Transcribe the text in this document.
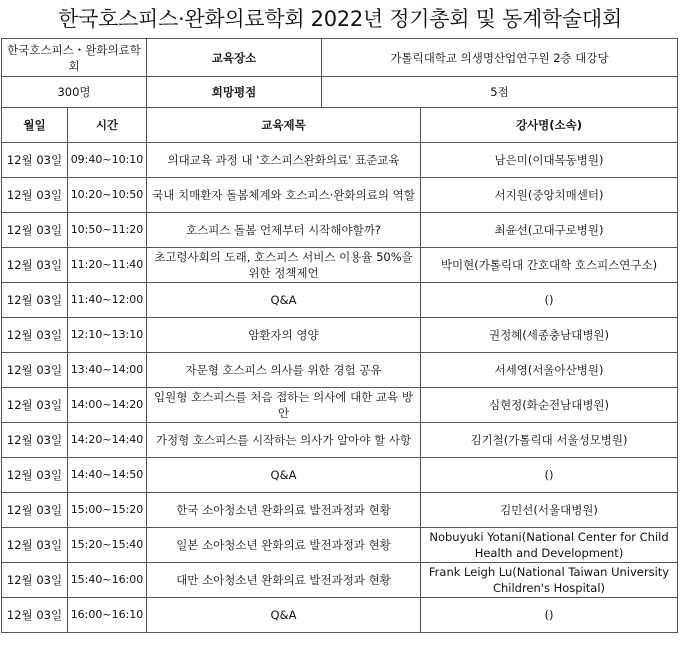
한국호스피스·완화의료학회 2022년 정기총회 및 동계학술대회
한국호스피스・완화의료학회	교육장소	가톨릭대학교 의생명산업연구원 2층 대강당
300명	희망평점	5점
월일	시간	교육제목	강사명(소속)
12월 03일	09:40~10:10	의대교육 과정 내 '호스피스완화의료' 표준교육	남은미(이대목동병원)
12월 03일	10:20~10:50	국내 치매환자 돌봄체계와 호스피스·완화의료의 역할	서지원(중앙치매센터)
12월 03일	10:50~11:20	호스피스 돌봄 언제부터 시작해야할까?	최윤선(고대구로병원)
12월 03일	11:20~11:40	초고령사회의 도래, 호스피스 서비스 이용율 50%을 위한 정책제언	박미현(가톨릭대 간호대학 호스피스연구소)
12월 03일	11:40~12:00	Q&A	()
12월 03일	12:10~13:10	암환자의 영양	권정혜(세종충남대병원)
12월 03일	13:40~14:00	자문형 호스피스 의사를 위한 경험 공유	서세영(서울아산병원)
12월 03일	14:00~14:20	입원형 호스피스를 처음 접하는 의사에 대한 교육 방안	심현정(화순전남대병원)
12월 03일	14:20~14:40	가정형 호스피스를 시작하는 의사가 알아야 할 사항	김기철(가톨릭대 서울성모병원)
12월 03일	14:40~14:50	Q&A	()
12월 03일	15:00~15:20	한국 소아청소년 완화의료 발전과정과 현황	김민선(서울대병원)
12월 03일	15:20~15:40	일본 소아청소년 완화의료 발전과정과 현황	Nobuyuki Yotani(National Center for Child Health and Development)
12월 03일	15:40~16:00	대만 소아청소년 완화의료 발전과정과 현황	Frank Leigh Lu(National Taiwan University Children's Hospital)
12월 03일	16:00~16:10	Q&A	()
